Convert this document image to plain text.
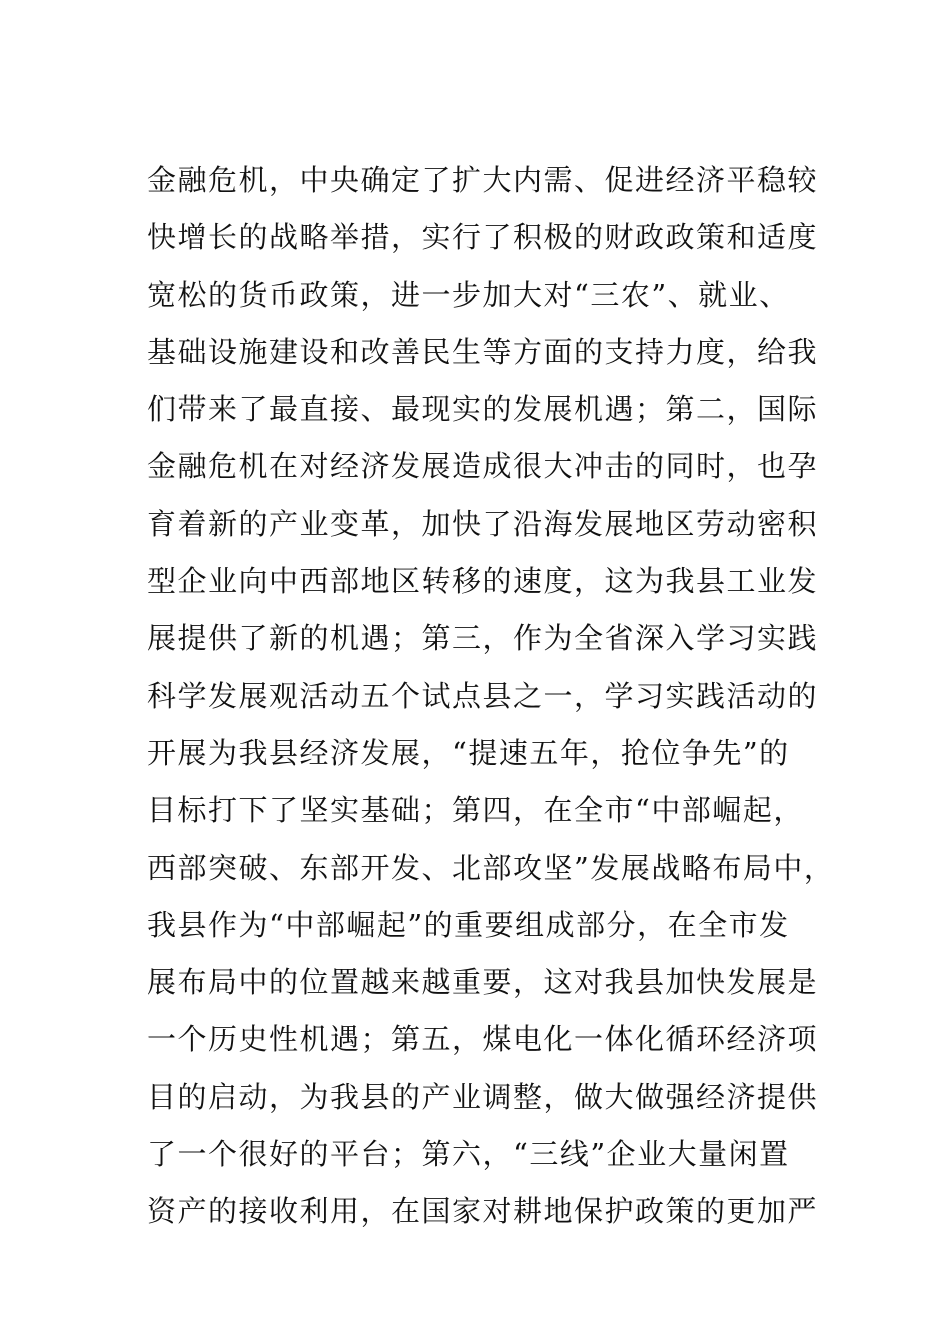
金融危机，中央确定了扩大内需、促进经济平稳较
快增长的战略举措，实行了积极的财政政策和适度
宽松的货币政策，进一步加大对“三农”、就业、
基础设施建设和改善民生等方面的支持力度，给我
们带来了最直接、最现实的发展机遇；第二，国际
金融危机在对经济发展造成很大冲击的同时，也孕
育着新的产业变革，加快了沿海发展地区劳动密积
型企业向中西部地区转移的速度，这为我县工业发
展提供了新的机遇；第三，作为全省深入学习实践
科学发展观活动五个试点县之一，学习实践活动的
开展为我县经济发展，“提速五年，抢位争先”的
目标打下了坚实基础；第四，在全市“中部崛起，
西部突破、东部开发、北部攻坚”发展战略布局中，
我县作为“中部崛起”的重要组成部分，在全市发
展布局中的位置越来越重要，这对我县加快发展是
一个历史性机遇；第五，煤电化一体化循环经济项
目的启动，为我县的产业调整，做大做强经济提供
了一个很好的平台；第六，“三线”企业大量闲置
资产的接收利用，在国家对耕地保护政策的更加严
